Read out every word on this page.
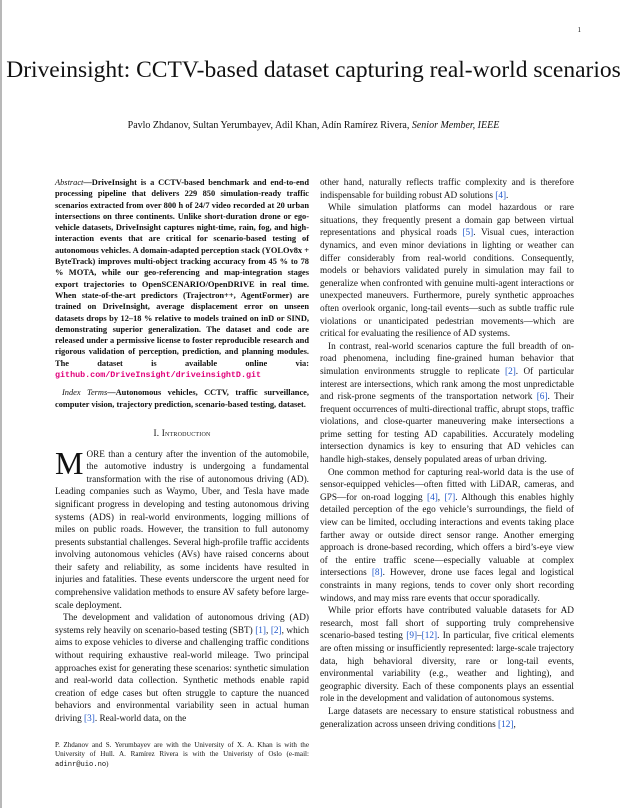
1
Driveinsight: CCTV-based dataset capturing real-world scenarios
Pavlo Zhdanov, Sultan Yerumbayev, Adil Khan, Adín Ramírez Rivera, Senior Member, IEEE
Abstract—DriveInsight is a CCTV-based benchmark and end-to-end processing pipeline that delivers 229 850 simulation-ready traffic scenarios extracted from over 800 h of 24/7 video recorded at 20 urban intersections on three continents. Unlike short-duration drone or ego-vehicle datasets, DriveInsight captures night-time, rain, fog, and high-interaction events that are critical for scenario-based testing of autonomous vehicles. A domain-adapted perception stack (YOLOv8x + ByteTrack) improves multi-object tracking accuracy from 45 % to 78 % MOTA, while our geo-referencing and map-integration stages export trajectories to OpenSCENARIO/OpenDRIVE in real time. When state-of-the-art predictors (Trajectron++, AgentFormer) are trained on DriveInsight, average displacement error on unseen datasets drops by 12–18 % relative to models trained on inD or SIND, demonstrating superior generalization. The dataset and code are released under a permissive license to foster reproducible research and rigorous validation of perception, prediction, and planning modules. The dataset is available online via: github.com/DriveInsight/driveinsightD.git
Index Terms—Autonomous vehicles, CCTV, traffic surveillance, computer vision, trajectory prediction, scenario-based testing, dataset.
I. Introduction

MORE than a century after the invention of the automobile, the automotive industry is undergoing a fundamental transformation with the rise of autonomous driving (AD). Leading companies such as Waymo, Uber, and Tesla have made significant progress in developing and testing autonomous driving systems (ADS) in real-world environments, logging millions of miles on public roads. However, the transition to full autonomy presents substantial challenges. Several high-profile traffic accidents involving autonomous vehicles (AVs) have raised concerns about their safety and reliability, as some incidents have resulted in injuries and fatalities. These events underscore the urgent need for comprehensive validation methods to ensure AV safety before large-scale deployment.

The development and validation of autonomous driving (AD) systems rely heavily on scenario-based testing (SBT) [1], [2], which aims to expose vehicles to diverse and challenging traffic conditions without requiring exhaustive real-world mileage. Two principal approaches exist for generating these scenarios: synthetic simulation and real-world data collection. Synthetic methods enable rapid creation of edge cases but often struggle to capture the nuanced behaviors and environmental variability seen in actual human driving [3]. Real-world data, on the

P. Zhdanov and S. Yerumbayev are with the University of X. A. Khan is with the University of Hull. A. Ramírez Rivera is with the Univeristy of Oslo (e-mail: adinr@uio.no)

other hand, naturally reflects traffic complexity and is therefore indispensable for building robust AD solutions [4].

While simulation platforms can model hazardous or rare situations, they frequently present a domain gap between virtual representations and physical roads [5]. Visual cues, interaction dynamics, and even minor deviations in lighting or weather can differ considerably from real-world conditions. Consequently, models or behaviors validated purely in simulation may fail to generalize when confronted with genuine multi-agent interactions or unexpected maneuvers. Furthermore, purely synthetic approaches often overlook organic, long-tail events—such as subtle traffic rule violations or unanticipated pedestrian movements—which are critical for evaluating the resilience of AD systems.

In contrast, real-world scenarios capture the full breadth of on-road phenomena, including fine-grained human behavior that simulation environments struggle to replicate [2]. Of particular interest are intersections, which rank among the most unpredictable and risk-prone segments of the transportation network [6]. Their frequent occurrences of multi-directional traffic, abrupt stops, traffic violations, and close-quarter maneuvering make intersections a prime setting for testing AD capabilities. Accurately modeling intersection dynamics is key to ensuring that AD vehicles can handle high-stakes, densely populated areas of urban driving.

One common method for capturing real-world data is the use of sensor-equipped vehicles—often fitted with LiDAR, cameras, and GPS—for on-road logging [4], [7]. Although this enables highly detailed perception of the ego vehicle’s surroundings, the field of view can be limited, occluding interactions and events taking place farther away or outside direct sensor range. Another emerging approach is drone-based recording, which offers a bird’s-eye view of the entire traffic scene—especially valuable at complex intersections [8]. However, drone use faces legal and logistical constraints in many regions, tends to cover only short recording windows, and may miss rare events that occur sporadically.

While prior efforts have contributed valuable datasets for AD research, most fall short of supporting truly comprehensive scenario-based testing [9]–[12]. In particular, five critical elements are often missing or insufficiently represented: large-scale trajectory data, high behavioral diversity, rare or long-tail events, environmental variability (e.g., weather and lighting), and geographic diversity. Each of these components plays an essential role in the development and validation of autonomous systems.

Large datasets are necessary to ensure statistical robustness and generalization across unseen driving conditions [12],
